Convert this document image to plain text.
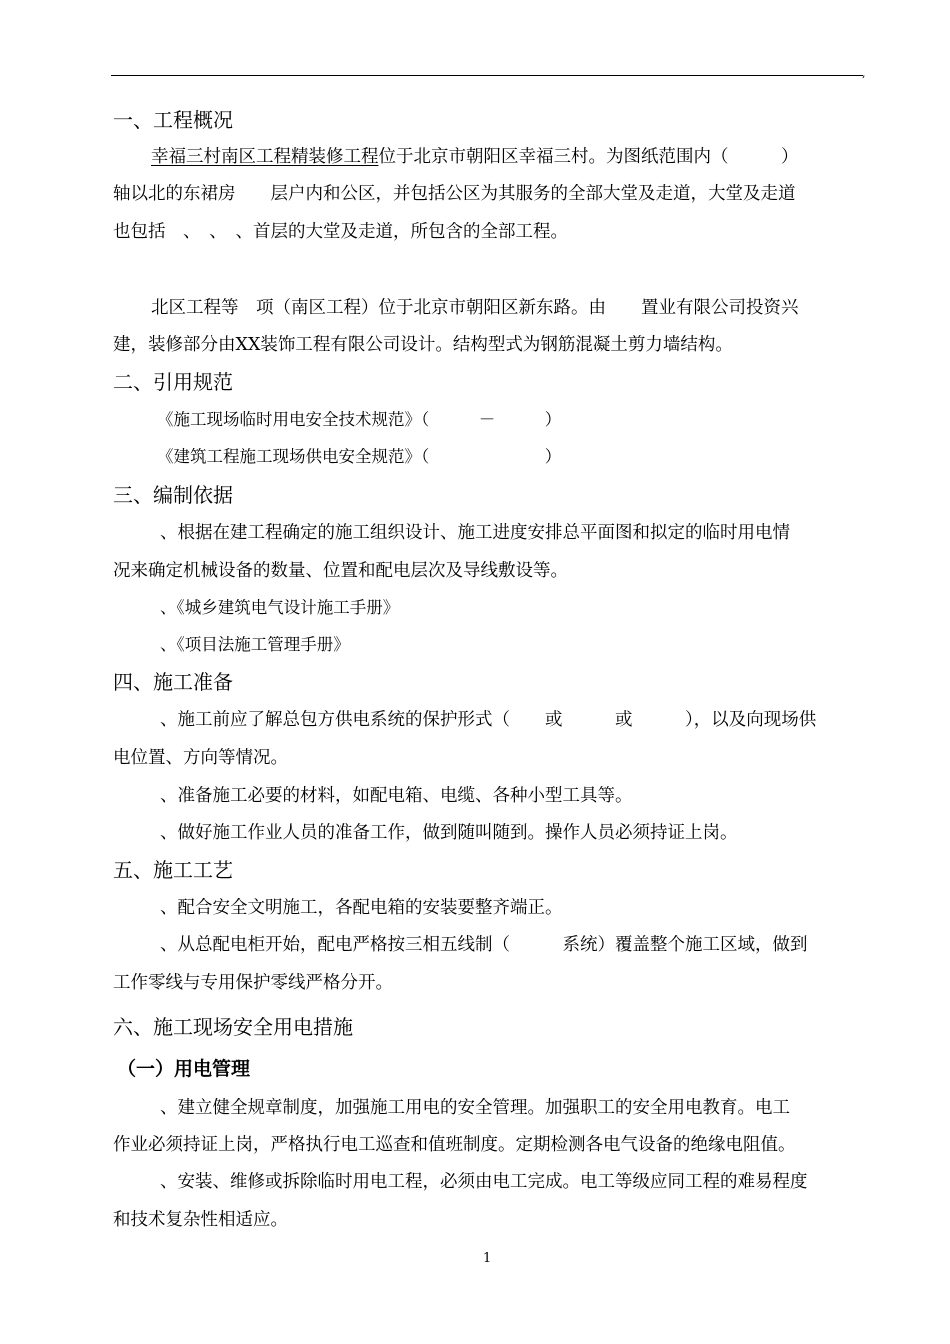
,
一、工程概况
幸福三村南区工程精装修工程位于北京市朝阳区幸福三村。为图纸范围内（　　　）
轴以北的东裙房　　层户内和公区，并包括公区为其服务的全部大堂及走道，大堂及走道
也包括　、　、　、首层的大堂及走道，所包含的全部工程。
北区工程等　项（南区工程）位于北京市朝阳区新东路。由　　置业有限公司投资兴
建，装修部分由XX装饰工程有限公司设计。结构型式为钢筋混凝土剪力墙结构。
二、引用规范
《施工现场临时用电安全技术规范》（　　　－　　　）
《建筑工程施工现场供电安全规范》（　　　　　　　）
三、编制依据
、根据在建工程确定的施工组织设计、施工进度安排总平面图和拟定的临时用电情
况来确定机械设备的数量、位置和配电层次及导线敷设等。
、《城乡建筑电气设计施工手册》
、《项目法施工管理手册》
四、施工准备
、施工前应了解总包方供电系统的保护形式（　　或　　　或　　　），以及向现场供
电位置、方向等情况。
、准备施工必要的材料，如配电箱、电缆、各种小型工具等。
、做好施工作业人员的准备工作，做到随叫随到。操作人员必须持证上岗。
五、施工工艺
、配合安全文明施工，各配电箱的安装要整齐端正。
、从总配电柜开始，配电严格按三相五线制（　　　系统）覆盖整个施工区域，做到
工作零线与专用保护零线严格分开。
六、施工现场安全用电措施
（一）用电管理
、建立健全规章制度，加强施工用电的安全管理。加强职工的安全用电教育。电工
作业必须持证上岗，严格执行电工巡查和值班制度。定期检测各电气设备的绝缘电阻值。
、安装、维修或拆除临时用电工程，必须由电工完成。电工等级应同工程的难易程度
和技术复杂性相适应。
1
